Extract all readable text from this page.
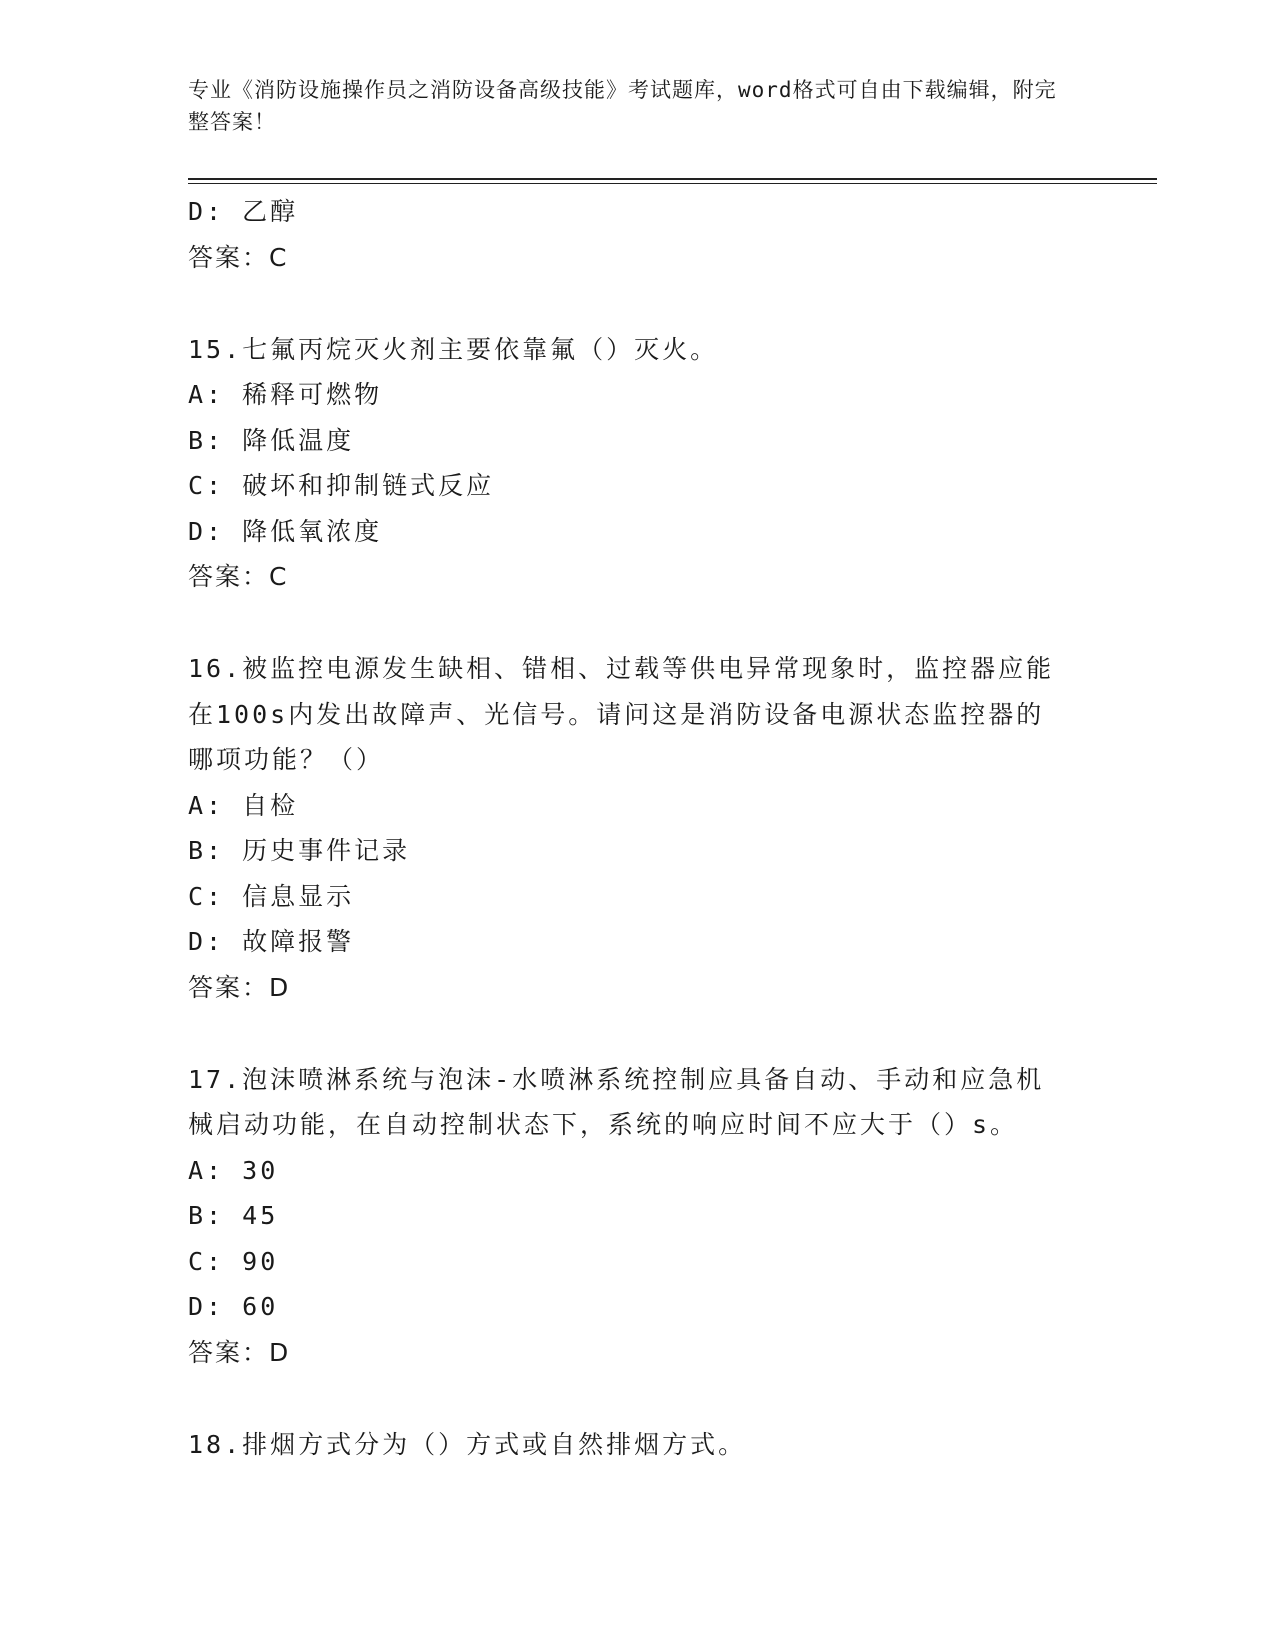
专业《消防设施操作员之消防设备高级技能》考试题库，word格式可自由下载编辑，附完整答案！
D: 乙醇
答案：C
15.七氟丙烷灭火剂主要依靠氟（）灭火。
A: 稀释可燃物
B: 降低温度
C: 破坏和抑制链式反应
D: 降低氧浓度
答案：C
16.被监控电源发生缺相、错相、过载等供电异常现象时，监控器应能在100s内发出故障声、光信号。请问这是消防设备电源状态监控器的哪项功能？（）
A: 自检
B: 历史事件记录
C: 信息显示
D: 故障报警
答案：D
17.泡沫喷淋系统与泡沫-水喷淋系统控制应具备自动、手动和应急机械启动功能，在自动控制状态下，系统的响应时间不应大于（）s。
A: 30
B: 45
C: 90
D: 60
答案：D
18.排烟方式分为（）方式或自然排烟方式。
